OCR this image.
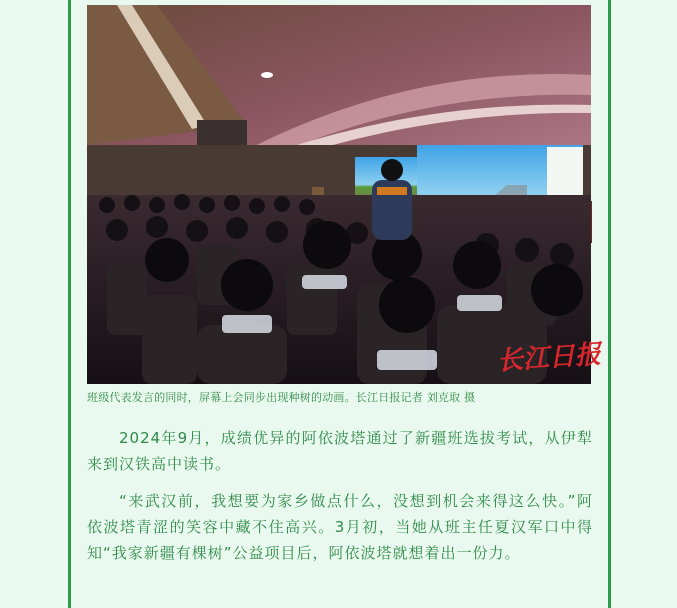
长江日报
班级代表发言的同时，屏幕上会同步出现种树的动画。长江日报记者 刘克取 摄
2024年9月，成绩优异的阿依波塔通过了新疆班选拔考试，从伊犁来到汉铁高中读书。
“来武汉前，我想要为家乡做点什么，没想到机会来得这么快。”阿依波塔青涩的笑容中藏不住高兴。3月初，当她从班主任夏汉军口中得知“我家新疆有棵树”公益项目后，阿依波塔就想着出一份力。
